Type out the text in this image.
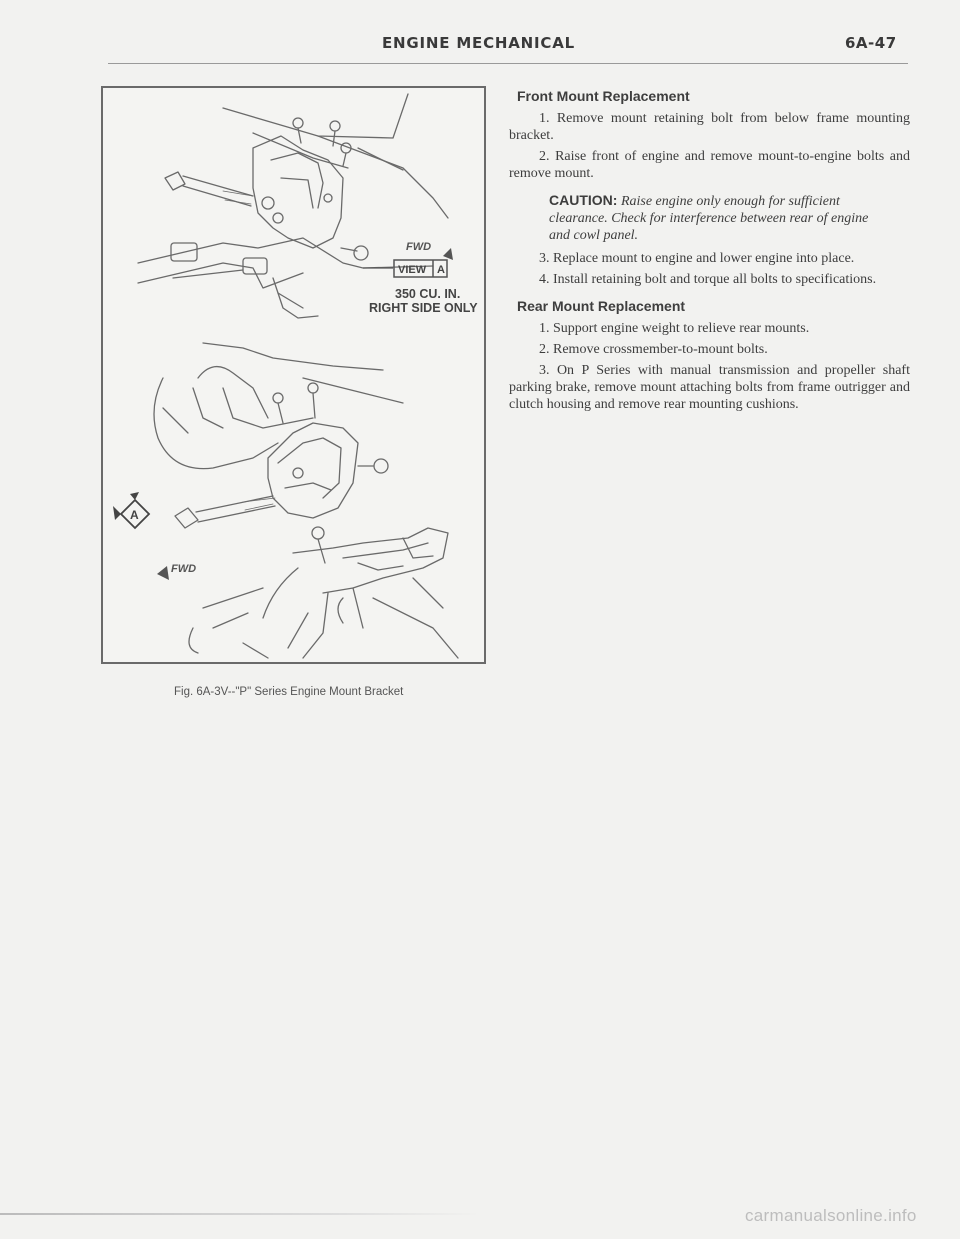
ENGINE MECHANICAL	6A-47
FWD
VIEW A
350 CU. IN.
RIGHT SIDE ONLY
A
FWD
Fig. 6A-3V--"P" Series Engine Mount Bracket
Front Mount Replacement

1. Remove mount retaining bolt from below frame mounting bracket.

2. Raise front of engine and remove mount-to-engine bolts and remove mount.

CAUTION: Raise engine only enough for sufficient clearance. Check for interference between rear of engine and cowl panel.

3. Replace mount to engine and lower engine into place.

4. Install retaining bolt and torque all bolts to specifications.

Rear Mount Replacement

1. Support engine weight to relieve rear mounts.

2. Remove crossmember-to-mount bolts.

3. On P Series with manual transmission and propeller shaft parking brake, remove mount attaching bolts from frame outrigger and clutch housing and remove rear mounting cushions.

carmanualsonline.info
